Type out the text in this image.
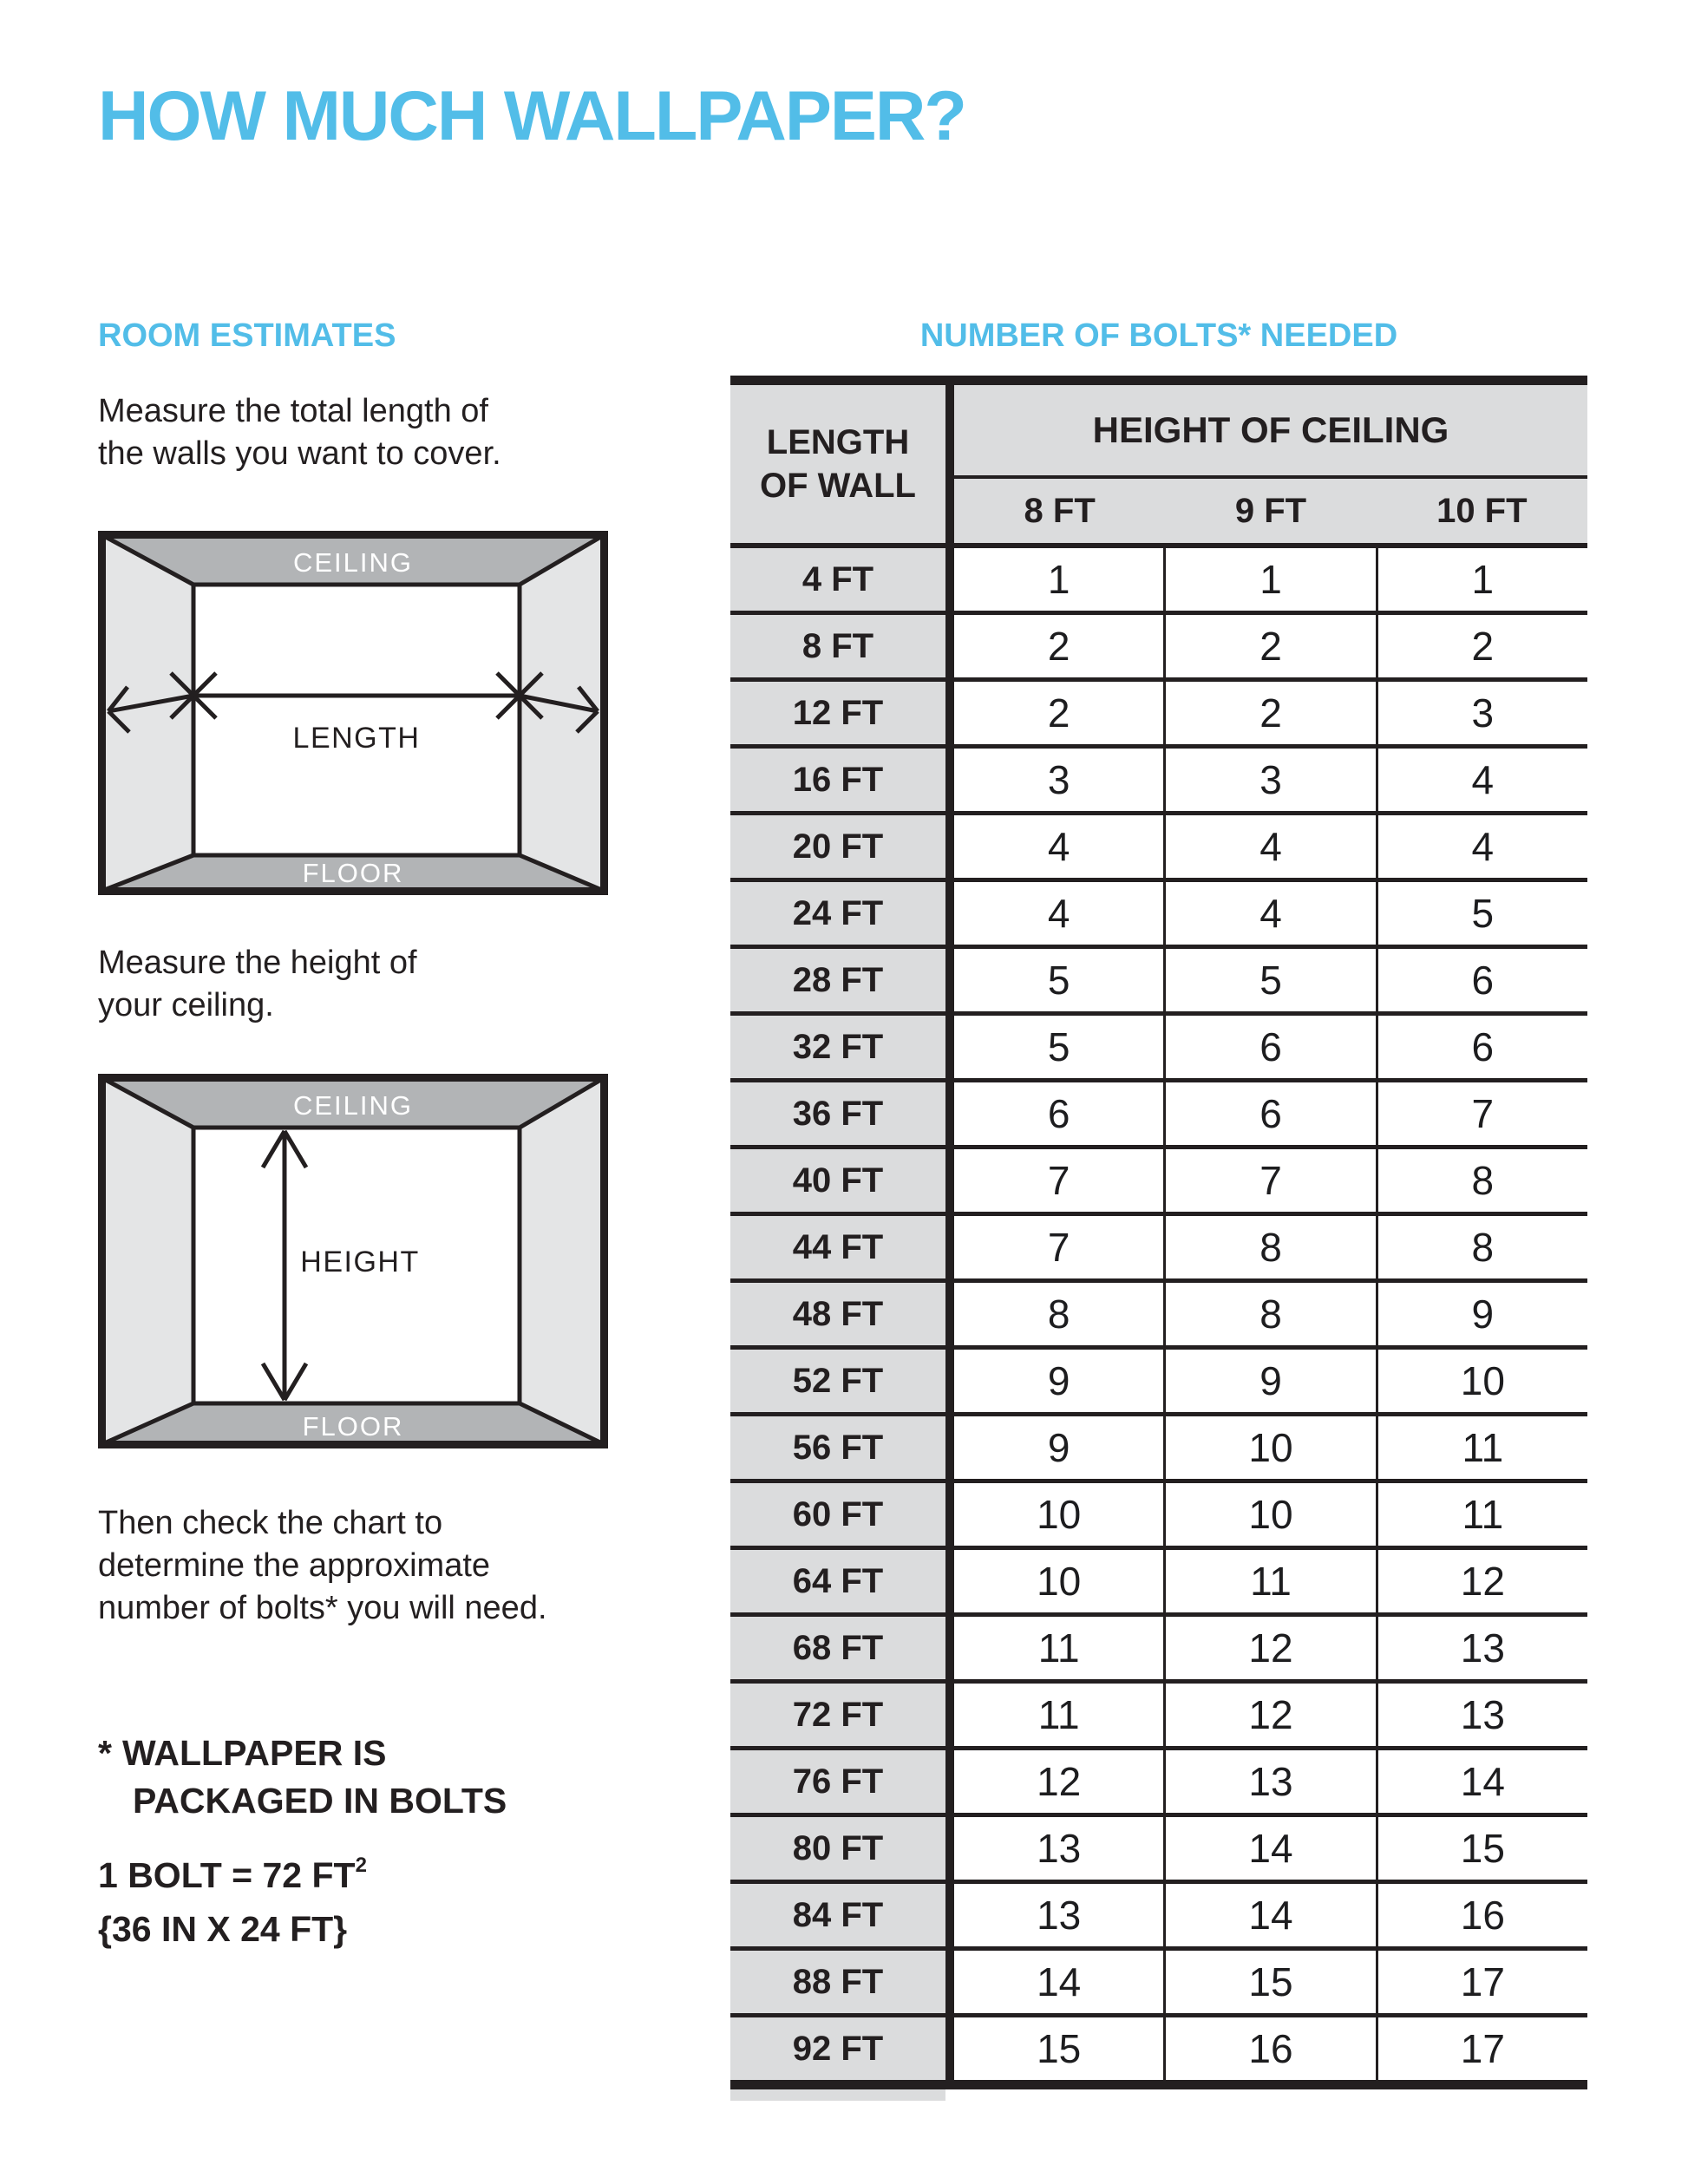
HOW MUCH WALLPAPER?
ROOM ESTIMATES	NUMBER OF BOLTS* NEEDED
Measure the total length of
the walls you want to cover.
CEILING
FLOOR
LENGTH
Measure the height of
your ceiling.
CEILING
FLOOR
HEIGHT
Then check the chart to
determine the approximate
number of bolts* you will need.
* WALLPAPER IS
PACKAGED IN BOLTS
1 BOLT = 72 $FT^2$
{36 IN X 24 FT}
LENGTH
OF WALL
HEIGHT OF CEILING
8 FT	9 FT	10 FT
4 FT	1	1	1
8 FT	2	2	2
12 FT	2	2	3
16 FT	3	3	4
20 FT	4	4	4
24 FT	4	4	5
28 FT	5	5	6
32 FT	5	6	6
36 FT	6	6	7
40 FT	7	7	8
44 FT	7	8	8
48 FT	8	8	9
52 FT	9	9	10
56 FT	9	10	11
60 FT	10	10	11
64 FT	10	11	12
68 FT	11	12	13
72 FT	11	12	13
76 FT	12	13	14
80 FT	13	14	15
84 FT	13	14	16
88 FT	14	15	17
92 FT	15	16	17
